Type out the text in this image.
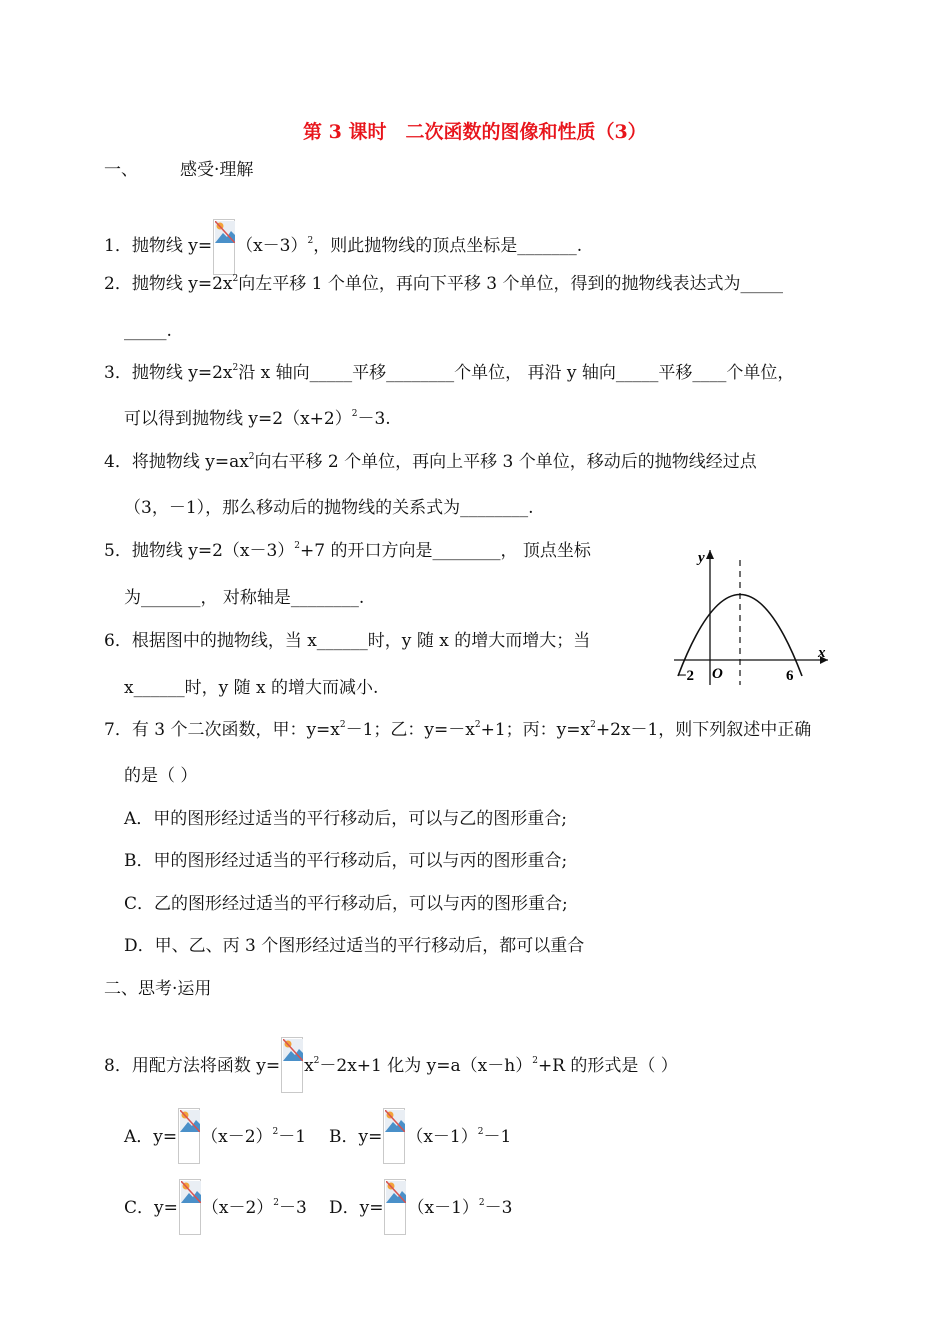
第 3 课时　二次函数的图像和性质（3）
一、 感受·理解
1．抛物线 $y= (x-3)^2$，则此抛物线的顶点坐标是_______.
2．抛物线 $y=2x^2$向左平移 1 个单位，再向下平移 3 个单位，得到的抛物线表达式为_____
_____.
3．抛物线 $y=2x^2$沿 x 轴向_____平移________个单位， 再沿 y 轴向_____平移____个单位，
可以得到抛物线 $y=2(x+2)^2-3$.
4．将抛物线 $y=ax^2$向右平移 2 个单位，再向上平移 3 个单位，移动后的抛物线经过点
（3，－1），那么移动后的抛物线的关系式为________.
5．抛物线 $y=2(x-3)^2+7$ 的开口方向是________， 顶点坐标
为_______， 对称轴是________.
6．根据图中的抛物线，当 x______时，y 随 x 的增大而增大；当
x______时，y 随 x 的增大而减小.
y
x
O
−2	6
7．有 3 个二次函数，甲：$y=x^2-1$；乙：$y=-x^2+1$；丙：$y=x^2+2x-1$，则下列叙述中正确
的是（ ）
A．甲的图形经过适当的平行移动后，可以与乙的图形重合;
B．甲的图形经过适当的平行移动后，可以与丙的图形重合;
C．乙的图形经过适当的平行移动后，可以与丙的图形重合;
D．甲、乙、丙 3 个图形经过适当的平行移动后，都可以重合
二、思考·运用
8．用配方法将函数 $y= x^2-2x+1$ 化为 $y=a(x-h)^2+R$ 的形式是（ ）
A．$y= (x-2)^2-1$ B．$y= (x-1)^2-1$
C．$y= (x-2)^2-3$ D．$y= (x-1)^2-3$
